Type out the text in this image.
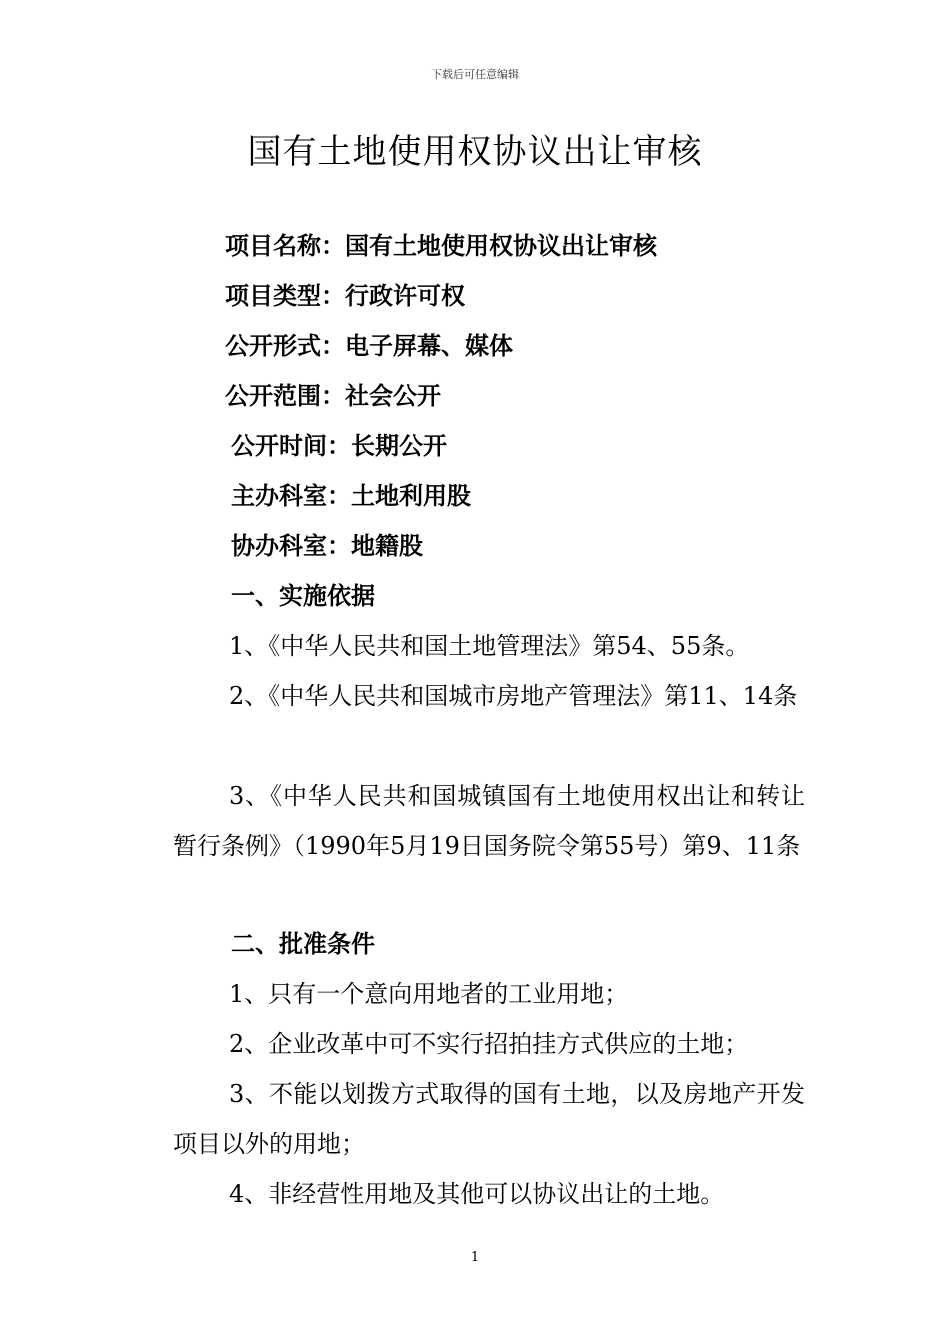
下载后可任意编辑
国有土地使用权协议出让审核
项目名称：国有土地使用权协议出让审核
项目类型：行政许可权
公开形式：电子屏幕、媒体
公开范围：社会公开
公开时间：长期公开
主办科室：土地利用股
协办科室：地籍股
一、实施依据
1、《中华人民共和国土地管理法》第54、55条。
2、《中华人民共和国城市房地产管理法》第11、14条
3、《中华人民共和国城镇国有土地使用权出让和转让暂行条例》（1990年5月19日国务院令第55号）第9、11条
二、批准条件
1、只有一个意向用地者的工业用地；
2、企业改革中可不实行招拍挂方式供应的土地；
3、不能以划拨方式取得的国有土地，以及房地产开发项目以外的用地；
4、非经营性用地及其他可以协议出让的土地。
1
